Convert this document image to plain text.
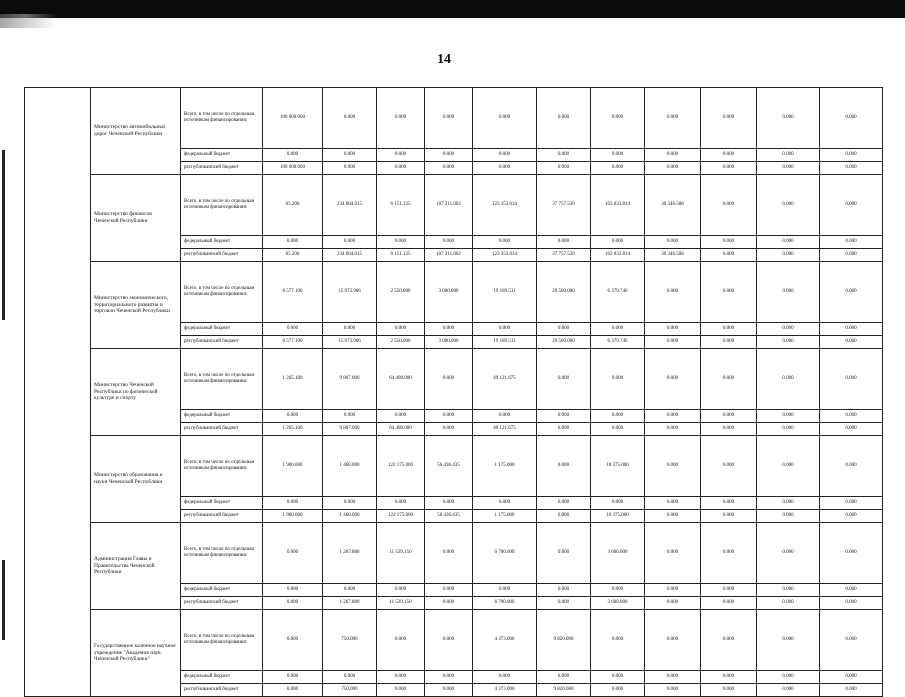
14
	Министерство автомобильных дорог Чеченской Республики	Всего, в том числе по отдельным источникам финансирования:	100 000.000	0.000	0.000	0.000	0.000	0.000	0.000	0.000	0.000	0.000	0.000
		федеральный бюджет	0.000	0.000	0.000	0.000	0.000	0.000	0.000	0.000	0.000	0.000	0.000
		республиканский бюджет	100 000.000	0.000	0.000	0.000	0.000	0.000	0.000	0.000	0.000	0.000	0.000
	Министерство финансов Чеченской Республики	Всего, в том числе по отдельным источникам финансирования:	65.200	234 004.015	6 151.125	107 211.002	123 353.634	37 757.539	162 033.814	30 346.508	0.000	0.000	0.000
		федеральный бюджет	0.000	0.000	0.000	0.000	0.000	0.000	0.000	0.000	0.000	0.000	0.000
		республиканский бюджет	65.200	234 004.015	6 151.125	107 211.002	123 353.634	37 757.539	162 033.814	30 346.508	0.000	0.000	0.000
	Министерство экономического, территориального развития и торговли Чеченской Республики	Всего, в том числе по отдельным источникам финансирования:	8 577.100	15 973.966	2 550.000	3 000.000	19 189.511	29 500.000	6 379.746	0.000	0.000	0.000	0.000
		федеральный бюджет	0.000	0.000	0.000	0.000	0.000	0.000	0.000	0.000	0.000	0.000	0.000
		республиканский бюджет	8 577.100	15 973.966	2 550.000	3 000.000	19 189.511	29 500.000	6 379.746	0.000	0.000	0.000	0.000
	Министерство Чеченской Республики по физической культуре и спорту	Всего, в том числе по отдельным источникам финансирования:	1 265.100	9 807.000	64 400.000	0.000	49 121.675	0.000	0.000	0.000	0.000	0.000	0.000
		федеральный бюджет	0.000	0.000	0.000	0.000	0.000	0.000	0.000	0.000	0.000	0.000	0.000
		республиканский бюджет	1 265.100	9 807.000	64 400.000	0.000	49 121.675	0.000	0.000	0.000	0.000	0.000	0.000
	Министерство образования и науки Чеченской Республики	Всего, в том числе по отдельным источникам финансирования:	1 900.000	1 460.000	122 175.000	56 436.435	1 175.000	0.000	10 375.000	0.000	0.000	0.000	0.000
		федеральный бюджет	0.000	0.000	0.000	0.000	0.000	0.000	0.000	0.000	0.000	0.000	0.000
		республиканский бюджет	1 900.000	1 460.000	122 175.000	56 436.435	1 175.000	0.000	10 375.000	0.000	0.000	0.000	0.000
	Администрация Главы и Правительства Чеченской Республики	Всего, в том числе по отдельным источникам финансирования:	0.000	1 267.880	11 539.150	0.000	6 700.000	0.000	3 600.000	0.000	0.000	0.000	0.000
		федеральный бюджет	0.000	0.000	0.000	0.000	0.000	0.000	0.000	0.000	0.000	0.000	0.000
		республиканский бюджет	0.000	1 267.880	11 539.150	0.000	6 700.000	0.000	3 600.000	0.000	0.000	0.000	0.000
	Государственное казенное научное учреждение "Академия наук Чеченской Республики"	Всего, в том числе по отдельным источникам финансирования:	0.000	750.000	0.000	0.000	4 373.000	9 820.000	0.000	0.000	0.000	0.000	0.000
		федеральный бюджет	0.000	0.000	0.000	0.000	0.000	0.000	0.000	0.000	0.000	0.000	0.000
		республиканский бюджет	0.000	750.000	0.000	0.000	4 373.000	9 820.000	0.000	0.000	0.000	0.000	0.000
